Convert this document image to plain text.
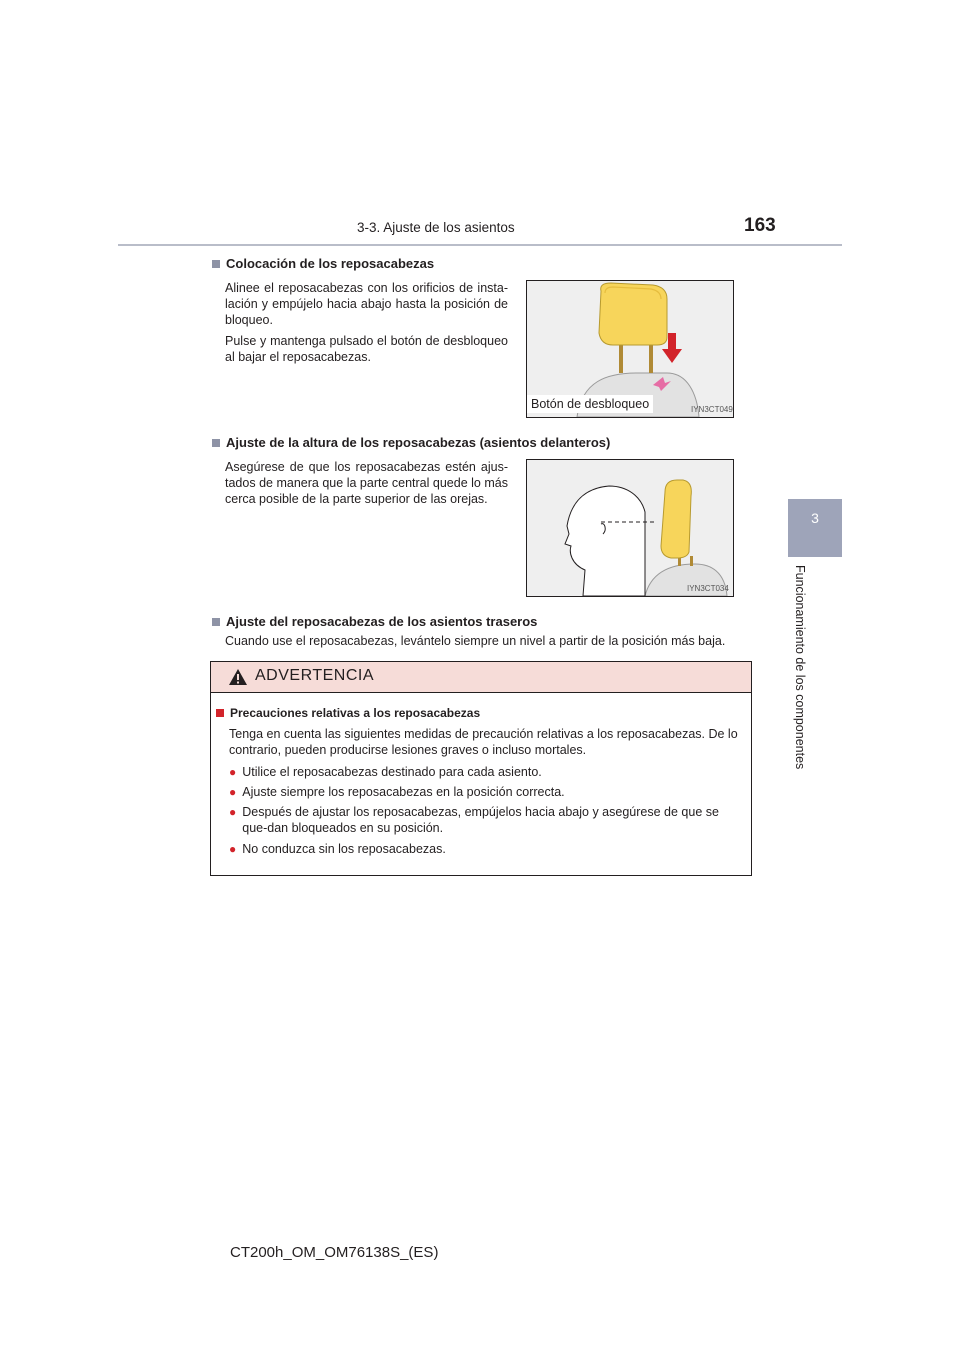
3-3. Ajuste de los asientos	163
3
Funcionamiento de los componentes
Colocación de los reposacabezas

Alinee el reposacabezas con los orificios de insta-lación y empújelo hacia abajo hasta la posición de bloqueo.

Pulse y mantenga pulsado el botón de desbloqueo al bajar el reposacabezas.

Botón de desbloqueo	IYN3CT049
Ajuste de la altura de los reposacabezas (asientos delanteros)

Asegúrese de que los reposacabezas estén ajus-tados de manera que la parte central quede lo más cerca posible de la parte superior de las orejas.

IYN3CT034
Ajuste del reposacabezas de los asientos traseros

Cuando use el reposacabezas, levántelo siempre un nivel a partir de la posición más baja.

ADVERTENCIA
Precauciones relativas a los reposacabezas
Tenga en cuenta las siguientes medidas de precaución relativas a los reposacabezas. De lo contrario, pueden producirse lesiones graves o incluso mortales.
● Utilice el reposacabezas destinado para cada asiento.
● Ajuste siempre los reposacabezas en la posición correcta.
● Después de ajustar los reposacabezas, empújelos hacia abajo y asegúrese de que se que-dan bloqueados en su posición.
● No conduzca sin los reposacabezas.
CT200h_OM_OM76138S_(ES)
